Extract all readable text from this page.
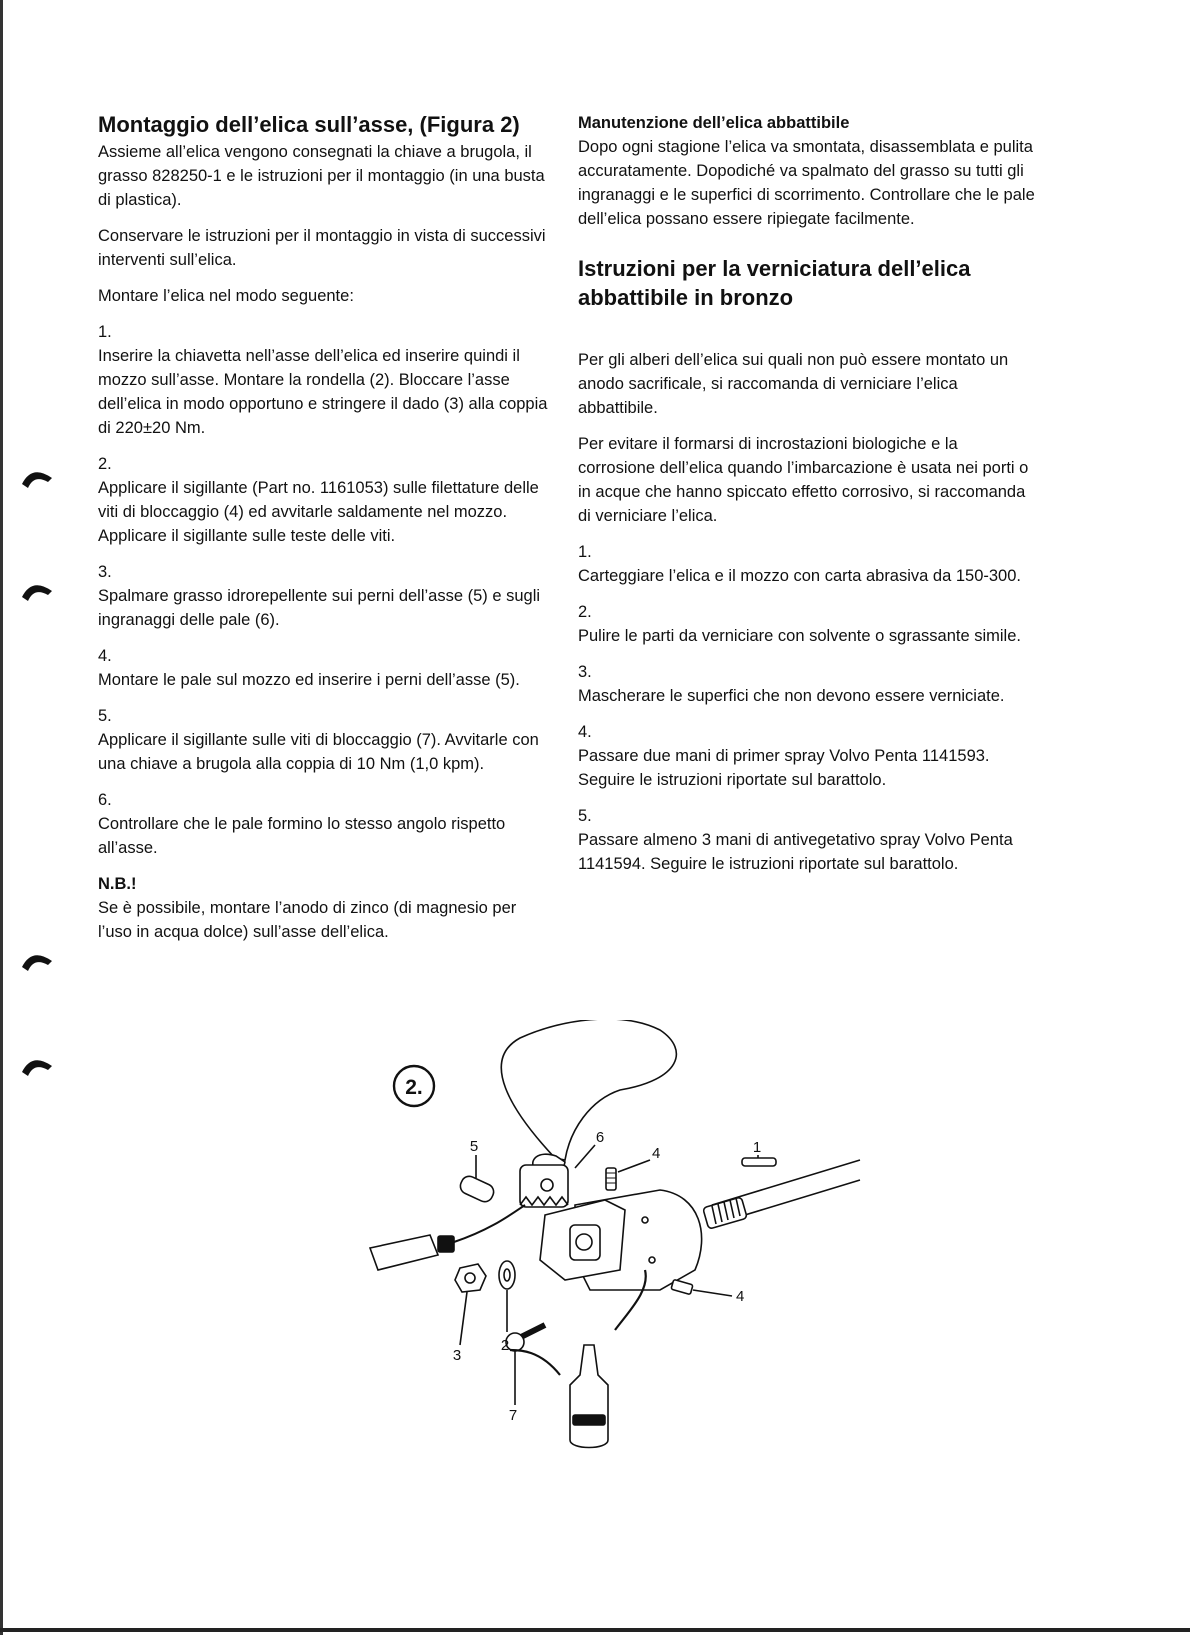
Montaggio dell’elica sull’asse, (Figura 2)

Assieme all’elica vengono consegnati la chiave a brugola, il grasso 828250-1 e le istruzioni per il montaggio (in una busta di plastica).

Conservare le istruzioni per il montaggio in vista di successivi interventi sull’elica.

Montare l’elica nel modo seguente:

1.
Inserire la chiavetta nell’asse dell’elica ed inserire quindi il mozzo sull’asse. Montare la rondella (2). Bloccare l’asse dell’elica in modo opportuno e stringere il dado (3) alla coppia di 220±20 Nm.
2.
Applicare il sigillante (Part no. 1161053) sulle filettature delle viti di bloccaggio (4) ed avvitarle saldamente nel mozzo. Applicare il sigillante sulle teste delle viti.
3.
Spalmare grasso idrorepellente sui perni dell’asse (5) e sugli ingranaggi delle pale (6).
4.
Montare le pale sul mozzo ed inserire i perni dell’asse (5).
5.
Applicare il sigillante sulle viti di bloccaggio (7). Avvitarle con una chiave a brugola alla coppia di 10 Nm (1,0 kpm).
6.
Controllare che le pale formino lo stesso angolo rispetto all’asse.
N.B.!
Se è possibile, montare l’anodo di zinco (di magnesio per l’uso in acqua dolce) sull’asse dell’elica.
Manutenzione dell’elica abbattibile

Dopo ogni stagione l’elica va smontata, disassemblata e pulita accuratamente. Dopodiché va spalmato del grasso su tutti gli ingranaggi e le superfici di scorrimento. Controllare che le pale dell’elica possano essere ripiegate facilmente.

Istruzioni per la verniciatura dell’elica abbattibile in bronzo

Per gli alberi dell’elica sui quali non può essere montato un anodo sacrificale, si raccomanda di verniciare l’elica abbattibile.

Per evitare il formarsi di incrostazioni biologiche e la corrosione dell’elica quando l’imbarcazione è usata nei porti o in acque che hanno spiccato effetto corrosivo, si raccomanda di verniciare l’elica.

1.
Carteggiare l’elica e il mozzo con carta abrasiva da 150-300.
2.
Pulire le parti da verniciare con solvente o sgrassante simile.
3.
Mascherare le superfici che non devono essere verniciate.
4.
Passare due mani di primer spray Volvo Penta 1141593. Seguire le istruzioni riportate sul barattolo.
5.
Passare almeno 3 mani di antivegetativo spray Volvo Penta 1141594. Seguire le istruzioni riportate sul barattolo.
2.
1
2
3
4
4
5
6
7
